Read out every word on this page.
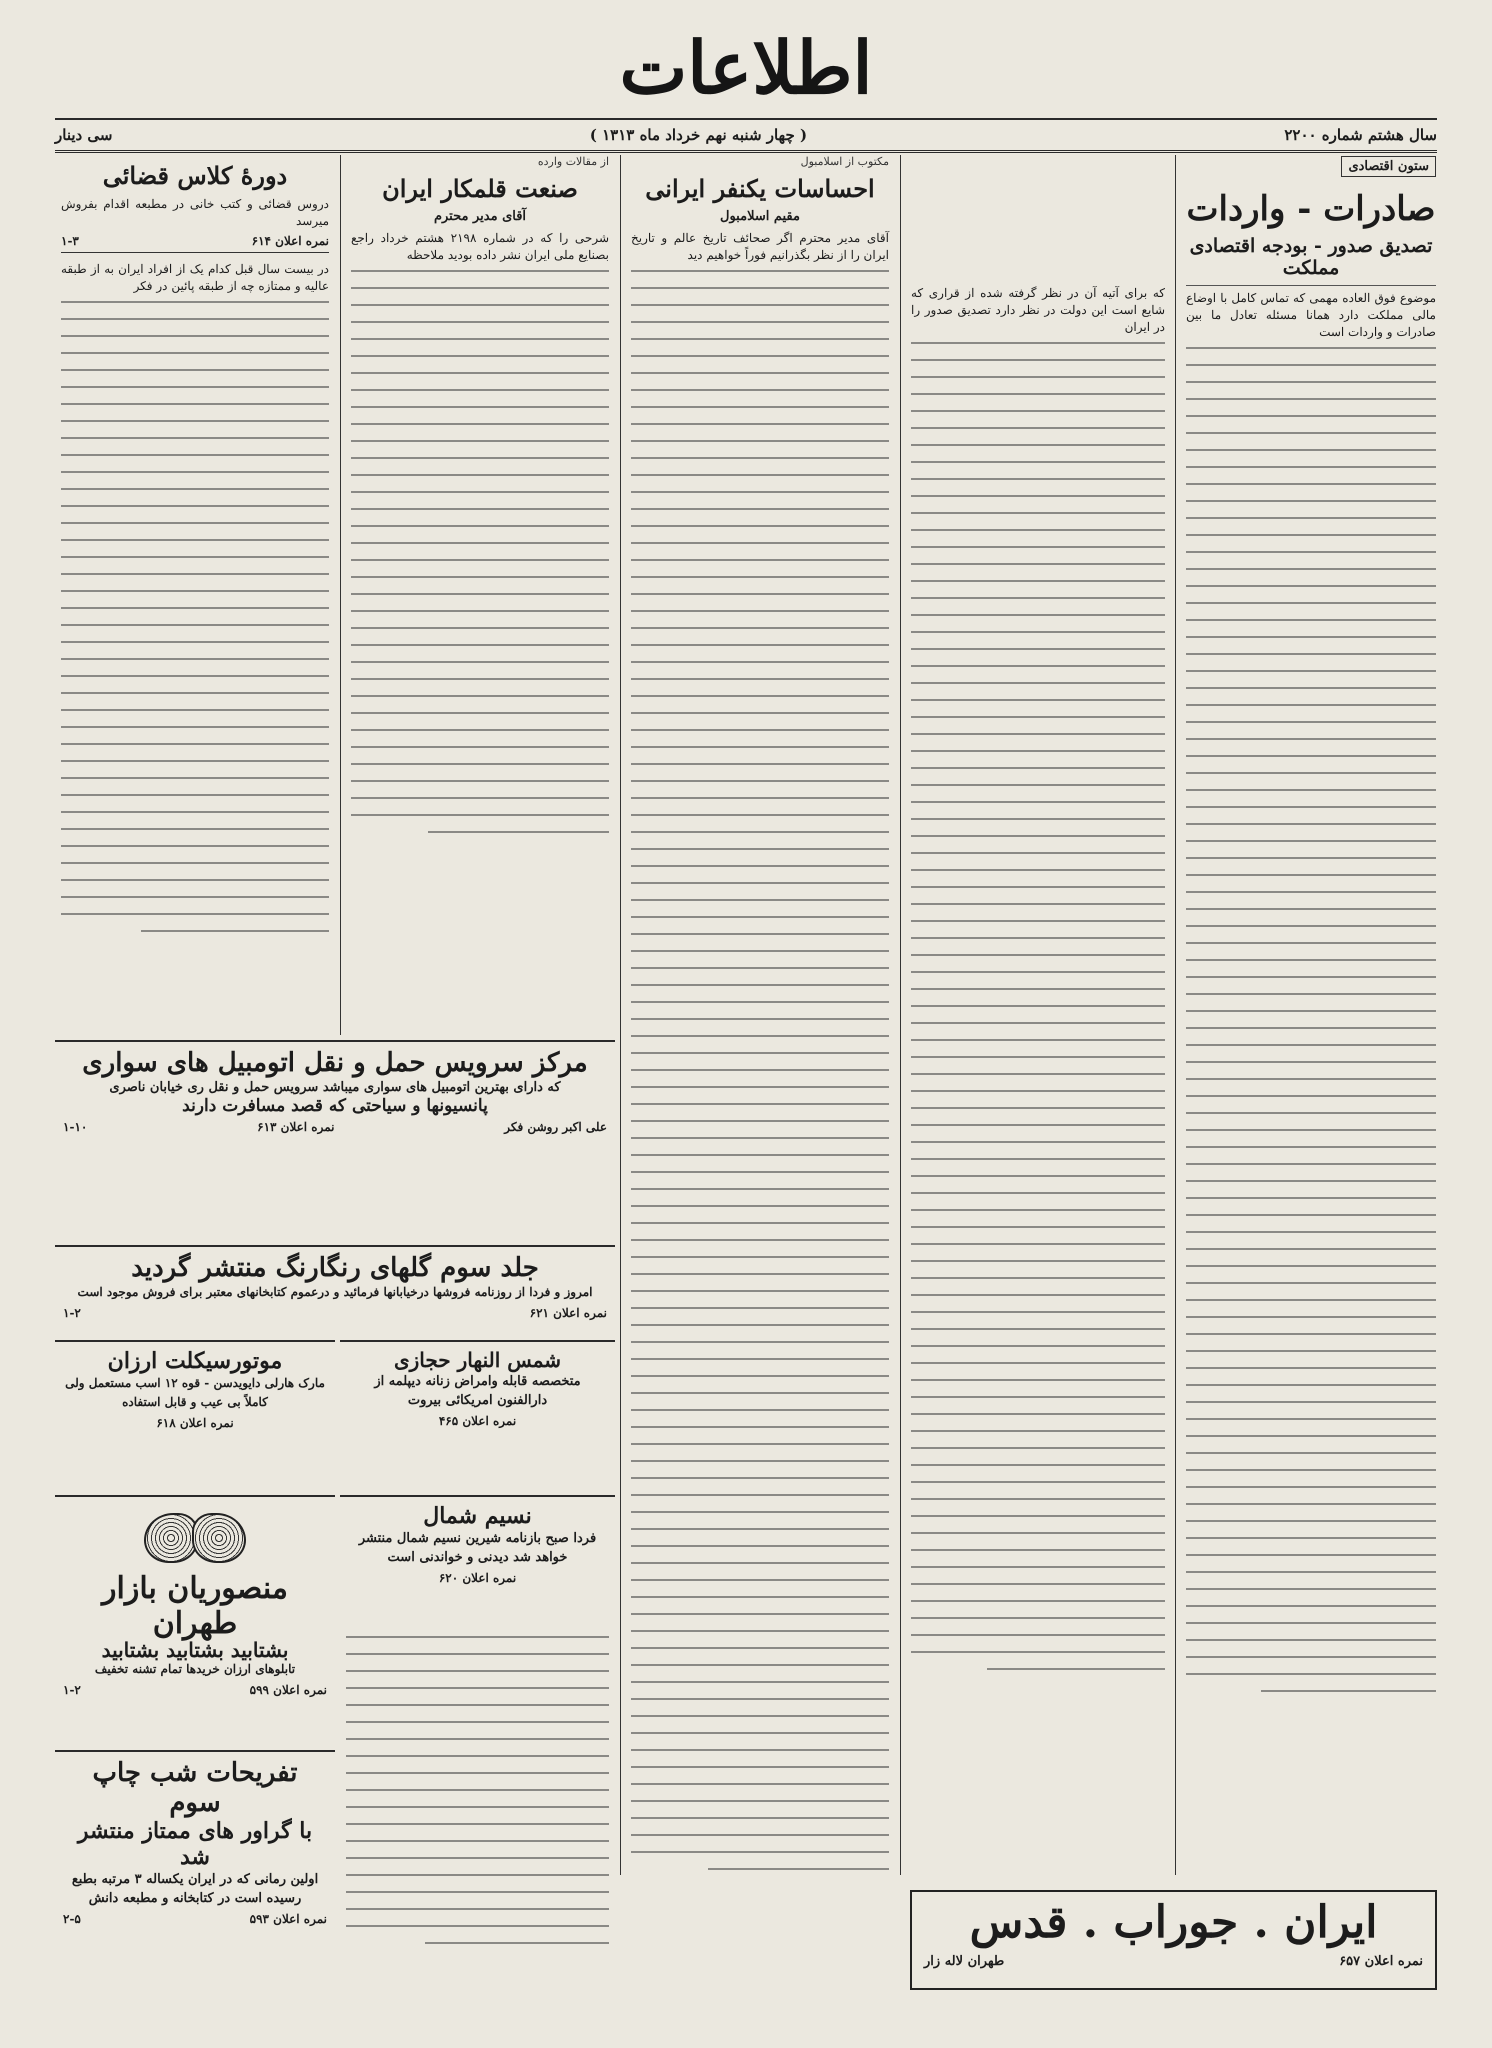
اطلاعات
سال هشتم شماره ۲۲۰۰
( چهار شنبه نهم خرداد ماه ۱۳۱۳ )
سی دینار
ستون اقتصادی
صادرات - واردات
تصدیق صدور - بودجه اقتصادی مملکت
موضوع فوق العاده مهمی که تماس کامل با اوضاع مالی مملکت دارد همانا مسئله تعادل ما بین صادرات و واردات است
که برای آتیه آن در نظر گرفته شده از قراری که شایع است این دولت در نظر دارد تصدیق صدور را در ایران
مکتوب از اسلامبول
احساسات یکنفر ایرانی
مقیم اسلامبول
آقای مدیر محترم اگر صحائف تاریخ عالم و تاریخ ایران را از نظر بگذرانیم فوراً خواهیم دید
از مقالات وارده
صنعت قلمکار ایران
آقای مدیر محترم
شرحی را که در شماره ۲۱۹۸ هشتم خرداد راجع بصنایع ملی ایران نشر داده بودید ملاحظه
دورهٔ کلاس قضائی
دروس قضائی و کتب خانی در مطبعه اقدام بفروش میرسد
نمره اعلان ۶۱۴
۱-۳
در بیست سال قبل کدام یک از افراد ایران به از طبقه عالیه و ممتازه چه از طبقه پائین در فکر
مرکز سرویس حمل و نقل اتومبیل های سواری
که دارای بهترین اتومبیل های سواری میباشد سرویس حمل و نقل ری خیابان ناصری
پانسیونها و سیاحتی که قصد مسافرت دارند
علی اکبر روشن فکر
نمره اعلان ۶۱۳
۱-۱۰
جلد سوم گلهای رنگارنگ منتشر گردید
امروز و فردا از روزنامه فروشها درخیابانها فرمائید و درعموم کتابخانهای معتبر برای فروش موجود است
نمره اعلان ۶۲۱
۱-۲
شمس النهار حجازی
متخصصه قابله وامراض زنانه دیپلمه از دارالفنون امریکائی بیروت
نمره اعلان ۴۶۵
موتورسیکلت ارزان
مارک هارلی دایویدسن - قوه ۱۲ اسب مستعمل ولی کاملاً بی عیب و قابل استفاده
نمره اعلان ۶۱۸
نسیم شمال
فردا صبح بازنامه شیرین نسیم شمال منتشر خواهد شد دیدنی و خواندنی است
نمره اعلان ۶۲۰
منصوریان بازار طهران
بشتابید بشتابید بشتابید
تابلوهای ارزان خریدها تمام تشنه تخفیف
نمره اعلان ۵۹۹
۱-۲
تفریحات شب چاپ سوم
با گراور های ممتاز منتشر شد
اولین رمانی که در ایران یکساله ۳ مرتبه بطبع رسیده است در کتابخانه و مطبعه دانش
نمره اعلان ۵۹۳
۲-۵	ایران . جوراب . قدس
نمره اعلان ۶۵۷
طهران لاله زار
